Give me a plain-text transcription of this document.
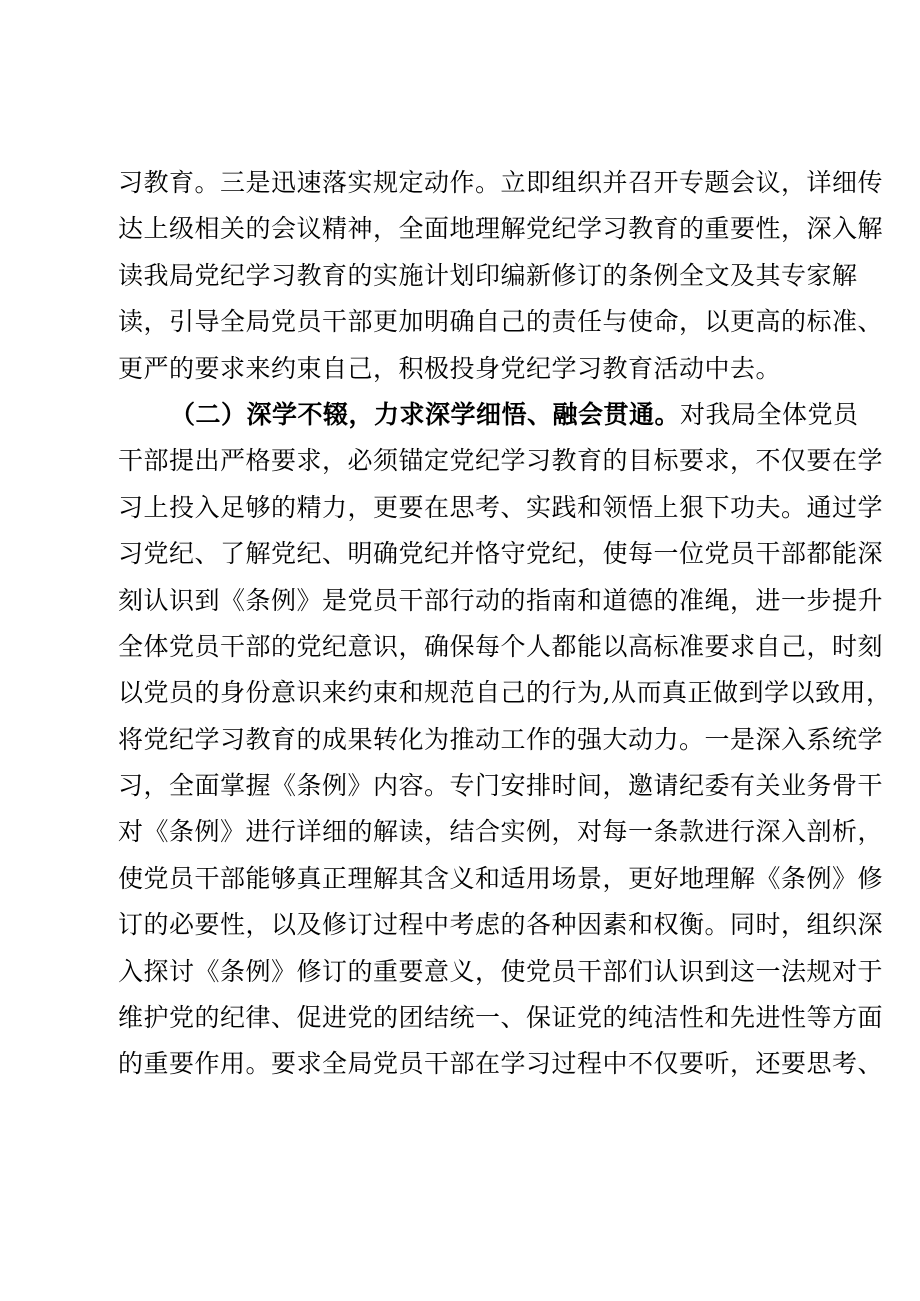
习教育。三是迅速落实规定动作。立即组织并召开专题会议，详细传
达上级相关的会议精神，全面地理解党纪学习教育的重要性，深入解
读我局党纪学习教育的实施计划印编新修订的条例全文及其专家解
读，引导全局党员干部更加明确自己的责任与使命，以更高的标准、
更严的要求来约束自己，积极投身党纪学习教育活动中去。
（二）深学不辍，力求深学细悟、融会贯通。对我局全体党员
干部提出严格要求，必须锚定党纪学习教育的目标要求，不仅要在学
习上投入足够的精力，更要在思考、实践和领悟上狠下功夫。通过学
习党纪、了解党纪、明确党纪并恪守党纪，使每一位党员干部都能深
刻认识到《条例》是党员干部行动的指南和道德的准绳，进一步提升
全体党员干部的党纪意识，确保每个人都能以高标准要求自己，时刻
以党员的身份意识来约束和规范自己的行为,从而真正做到学以致用，
将党纪学习教育的成果转化为推动工作的强大动力。一是深入系统学
习，全面掌握《条例》内容。专门安排时间，邀请纪委有关业务骨干
对《条例》进行详细的解读，结合实例，对每一条款进行深入剖析，
使党员干部能够真正理解其含义和适用场景，更好地理解《条例》修
订的必要性，以及修订过程中考虑的各种因素和权衡。同时，组织深
入探讨《条例》修订的重要意义，使党员干部们认识到这一法规对于
维护党的纪律、促进党的团结统一、保证党的纯洁性和先进性等方面
的重要作用。要求全局党员干部在学习过程中不仅要听，还要思考、
